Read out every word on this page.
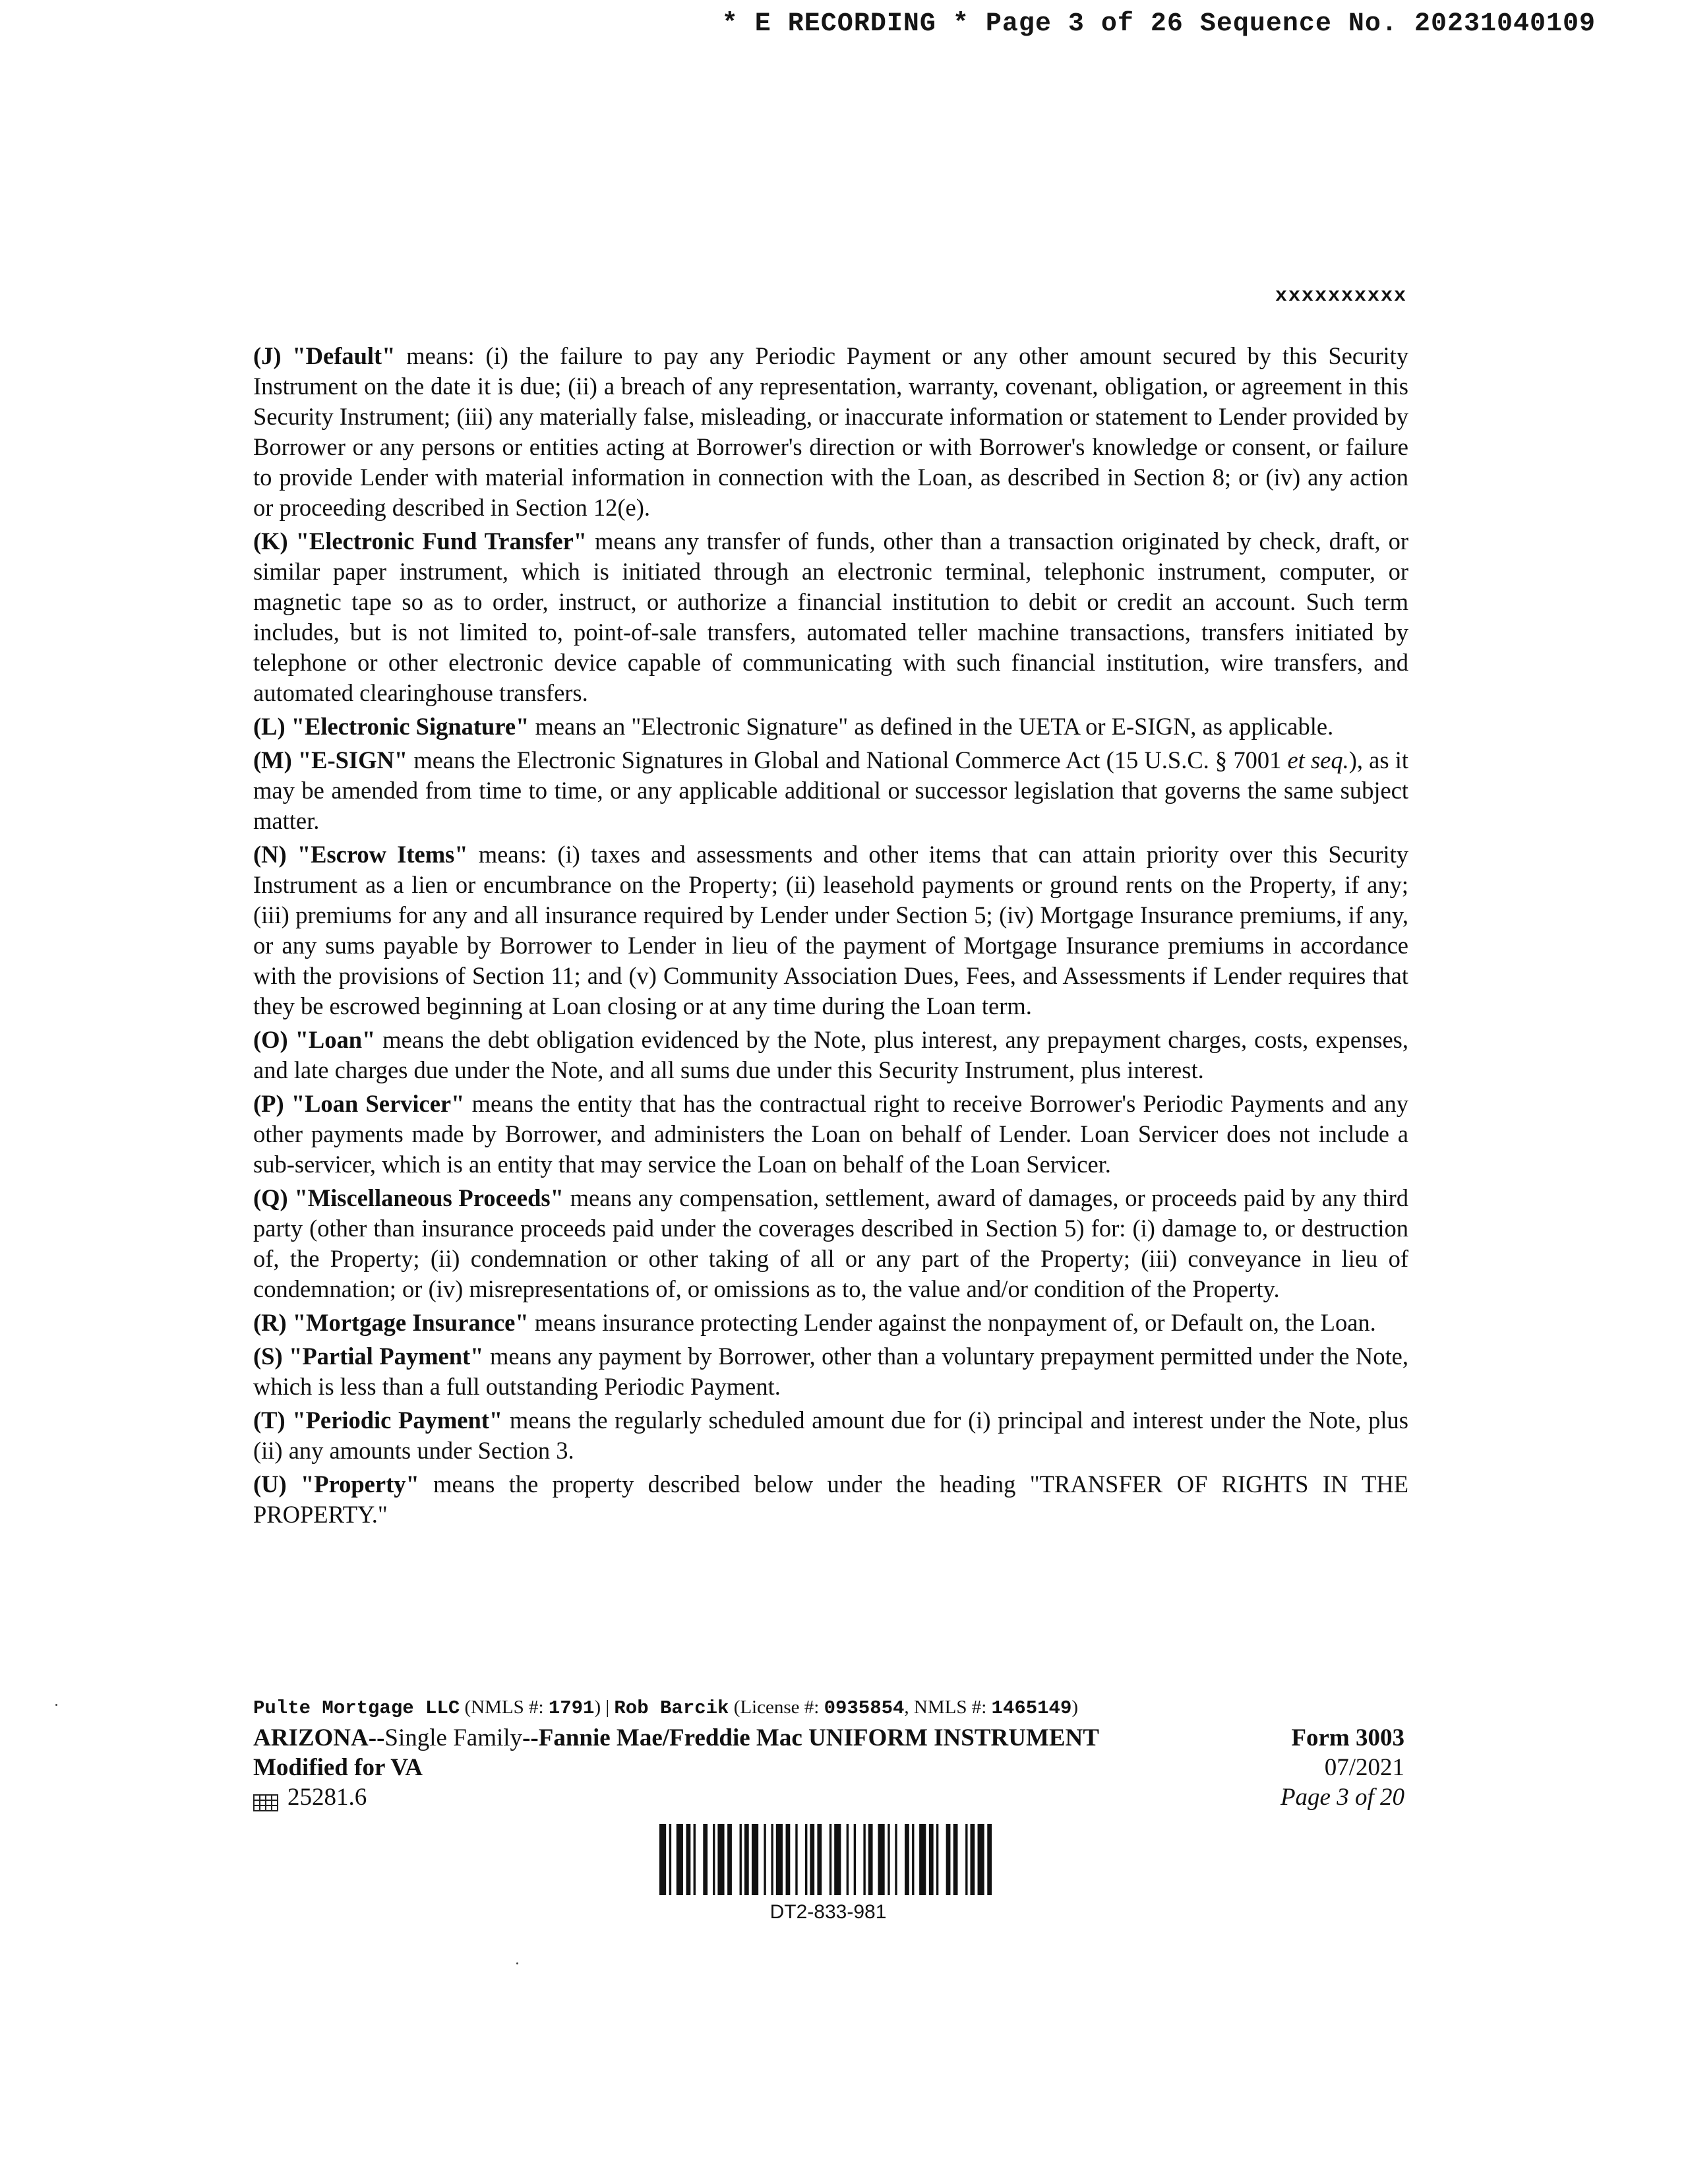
* E RECORDING * Page 3 of 26 Sequence No. 20231040109
xxxxxxxxxx

(J) "Default" means: (i) the failure to pay any Periodic Payment or any other amount secured by this Security Instrument on the date it is due; (ii) a breach of any representation, warranty, covenant, obligation, or agreement in this Security Instrument; (iii) any materially false, misleading, or inaccurate information or statement to Lender provided by Borrower or any persons or entities acting at Borrower's direction or with Borrower's knowledge or consent, or failure to provide Lender with material information in connection with the Loan, as described in Section 8; or (iv) any action or proceeding described in Section 12(e).

(K) "Electronic Fund Transfer" means any transfer of funds, other than a transaction originated by check, draft, or similar paper instrument, which is initiated through an electronic terminal, telephonic instrument, computer, or magnetic tape so as to order, instruct, or authorize a financial institution to debit or credit an account. Such term includes, but is not limited to, point-of-sale transfers, automated teller machine transactions, transfers initiated by telephone or other electronic device capable of communicating with such financial institution, wire transfers, and automated clearinghouse transfers.

(L) "Electronic Signature" means an "Electronic Signature" as defined in the UETA or E-SIGN, as applicable.

(M) "E-SIGN" means the Electronic Signatures in Global and National Commerce Act (15 U.S.C. § 7001 et seq.), as it may be amended from time to time, or any applicable additional or successor legislation that governs the same subject matter.

(N) "Escrow Items" means: (i) taxes and assessments and other items that can attain priority over this Security Instrument as a lien or encumbrance on the Property; (ii) leasehold payments or ground rents on the Property, if any; (iii) premiums for any and all insurance required by Lender under Section 5; (iv) Mortgage Insurance premiums, if any, or any sums payable by Borrower to Lender in lieu of the payment of Mortgage Insurance premiums in accordance with the provisions of Section 11; and (v) Community Association Dues, Fees, and Assessments if Lender requires that they be escrowed beginning at Loan closing or at any time during the Loan term.

(O) "Loan" means the debt obligation evidenced by the Note, plus interest, any prepayment charges, costs, expenses, and late charges due under the Note, and all sums due under this Security Instrument, plus interest.

(P) "Loan Servicer" means the entity that has the contractual right to receive Borrower's Periodic Payments and any other payments made by Borrower, and administers the Loan on behalf of Lender. Loan Servicer does not include a sub-servicer, which is an entity that may service the Loan on behalf of the Loan Servicer.

(Q) "Miscellaneous Proceeds" means any compensation, settlement, award of damages, or proceeds paid by any third party (other than insurance proceeds paid under the coverages described in Section 5) for: (i) damage to, or destruction of, the Property; (ii) condemnation or other taking of all or any part of the Property; (iii) conveyance in lieu of condemnation; or (iv) misrepresentations of, or omissions as to, the value and/or condition of the Property.

(R) "Mortgage Insurance" means insurance protecting Lender against the nonpayment of, or Default on, the Loan.

(S) "Partial Payment" means any payment by Borrower, other than a voluntary prepayment permitted under the Note, which is less than a full outstanding Periodic Payment.

(T) "Periodic Payment" means the regularly scheduled amount due for (i) principal and interest under the Note, plus (ii) any amounts under Section 3.

(U) "Property" means the property described below under the heading "TRANSFER OF RIGHTS IN THE PROPERTY."

Pulte Mortgage LLC (NMLS #: 1791) | Rob Barcik (License #: 0935854, NMLS #: 1465149)
ARIZONA--Single Family--Fannie Mae/Freddie Mac UNIFORM INSTRUMENT
Modified for VA
25281.6
Form 3003
07/2021
Page 3 of 20
DT2-833-981
